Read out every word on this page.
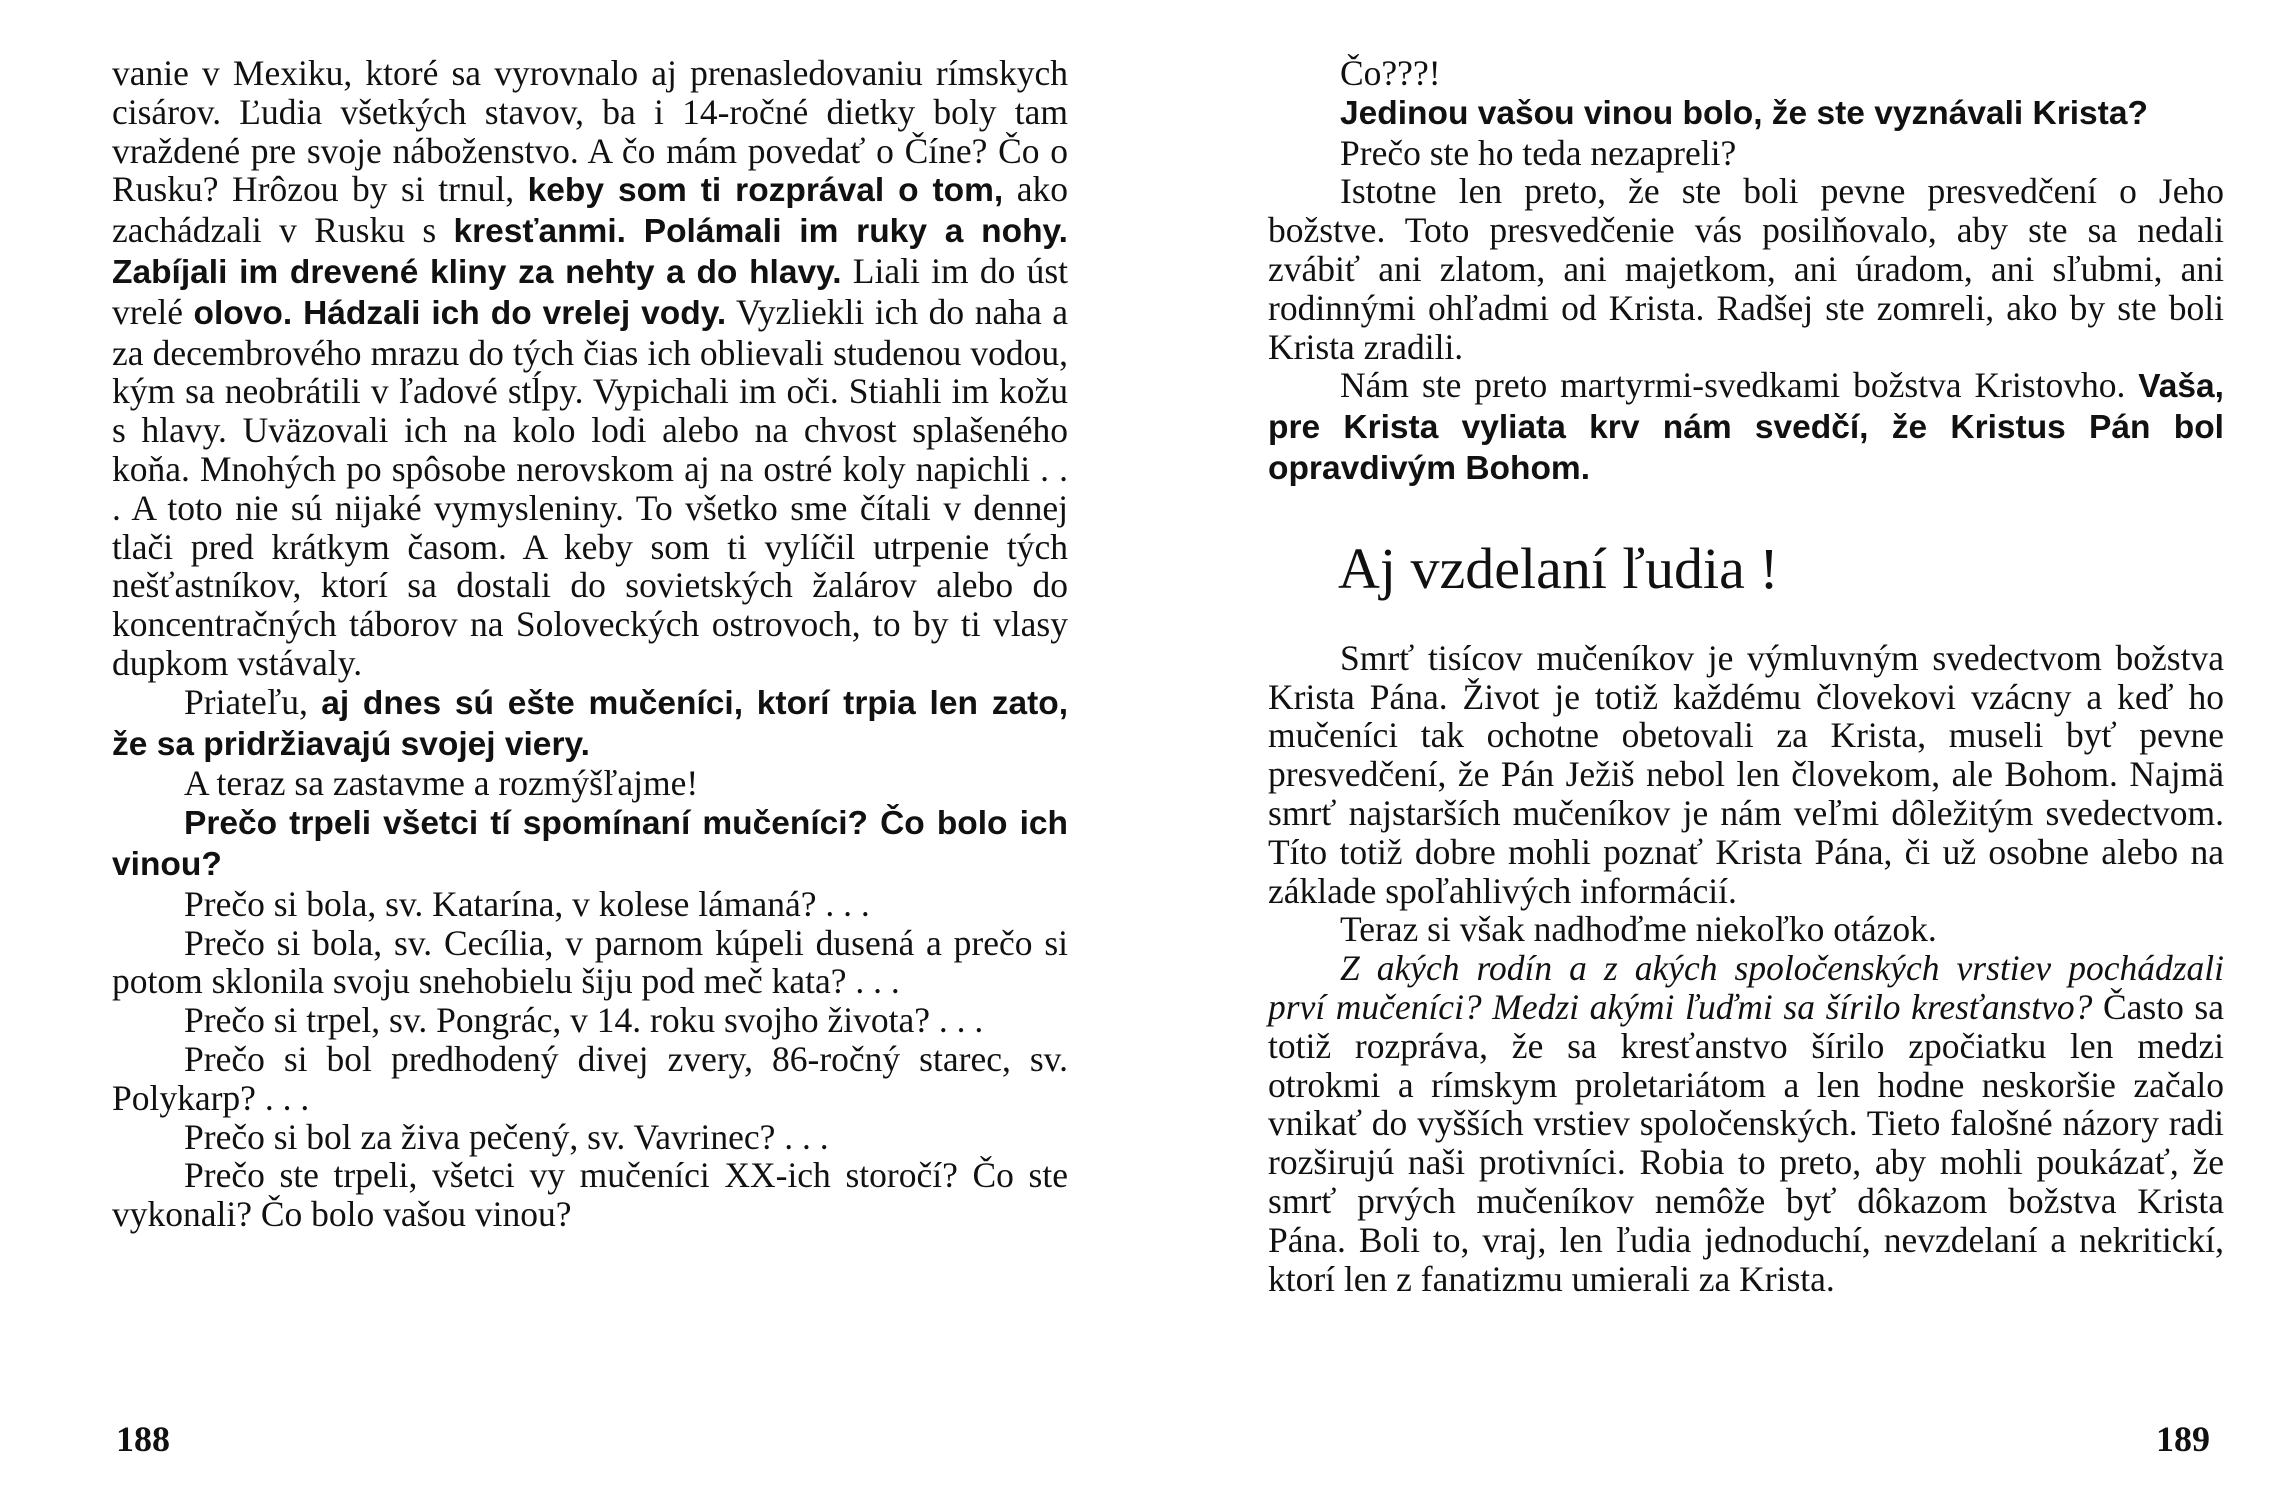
vanie v Mexiku, ktoré sa vyrovnalo aj prenasledovaniu rímskych cisárov. Ľudia všetkých stavov, ba i 14-ročné dietky boly tam vraždené pre svoje náboženstvo. A čo mám povedať o Číne? Čo o Rusku? Hrôzou by si trnul, keby som ti rozprával o tom, ako zachádzali v Rusku s kresťanmi. Polámali im ruky a nohy. Zabíjali im drevené kliny za nehty a do hlavy. Liali im do úst vrelé olovo. Hádzali ich do vrelej vody. Vyzliekli ich do naha a za decembrového mrazu do tých čias ich oblievali studenou vodou, kým sa neobrátili v ľadové stĺpy. Vypichali im oči. Stiahli im kožu s hlavy. Uväzovali ich na kolo lodi alebo na chvost splašeného koňa. Mnohých po spôsobe nerovskom aj na ostré koly napichli . . . A toto nie sú nijaké vymysleniny. To všetko sme čítali v dennej tlači pred krátkym časom. A keby som ti vylíčil utrpenie tých nešťastníkov, ktorí sa dostali do sovietských žalárov alebo do koncentračných táborov na Soloveckých ostrovoch, to by ti vlasy dupkom vstávaly.

Priateľu, aj dnes sú ešte mučeníci, ktorí trpia len zato, že sa pridržiavajú svojej viery.

A teraz sa zastavme a rozmýšľajme!

Prečo trpeli všetci tí spomínaní mučeníci? Čo bolo ich vinou?

Prečo si bola, sv. Katarína, v kolese lámaná? . . .

Prečo si bola, sv. Cecília, v parnom kúpeli dusená a prečo si potom sklonila svoju snehobielu šiju pod meč kata? . . .

Prečo si trpel, sv. Pongrác, v 14. roku svojho života? . . .

Prečo si bol predhodený divej zvery, 86-ročný starec, sv. Polykarp? . . .

Prečo si bol za živa pečený, sv. Vavrinec? . . .

Prečo ste trpeli, všetci vy mučeníci XX-ich storočí? Čo ste vykonali? Čo bolo vašou vinou?

188

Čo???!

Jedinou vašou vinou bolo, že ste vyznávali Krista?

Prečo ste ho teda nezapreli?

Istotne len preto, že ste boli pevne presvedčení o Jeho božstve. Toto presvedčenie vás posilňovalo, aby ste sa nedali zvábiť ani zlatom, ani majetkom, ani úradom, ani sľubmi, ani rodinnými ohľadmi od Krista. Radšej ste zomreli, ako by ste boli Krista zradili.

Nám ste preto martyrmi-svedkami božstva Kristovho. Vaša, pre Krista vyliata krv nám svedčí, že Kristus Pán bol opravdivým Bohom.

Aj vzdelaní ľudia !

Smrť tisícov mučeníkov je výmluvným svedectvom božstva Krista Pána. Život je totiž každému človekovi vzácny a keď ho mučeníci tak ochotne obetovali za Krista, museli byť pevne presvedčení, že Pán Ježiš nebol len človekom, ale Bohom. Najmä smrť najstarších mučeníkov je nám veľmi dôležitým svedectvom. Títo totiž dobre mohli poznať Krista Pána, či už osobne alebo na základe spoľahlivých informácií.

Teraz si však nadhoďme niekoľko otázok.

Z akých rodín a z akých spoločenských vrstiev pochádzali prví mučeníci? Medzi akými ľuďmi sa šírilo kresťanstvo? Často sa totiž rozpráva, že sa kresťanstvo šírilo zpočiatku len medzi otrokmi a rímskym proletariátom a len hodne neskoršie začalo vnikať do vyšších vrstiev spoločenských. Tieto falošné názory radi rozširujú naši protivníci. Robia to preto, aby mohli poukázať, že smrť prvých mučeníkov nemôže byť dôkazom božstva Krista Pána. Boli to, vraj, len ľudia jednoduchí, nevzdelaní a nekritickí, ktorí len z fanatizmu umierali za Krista.

189
